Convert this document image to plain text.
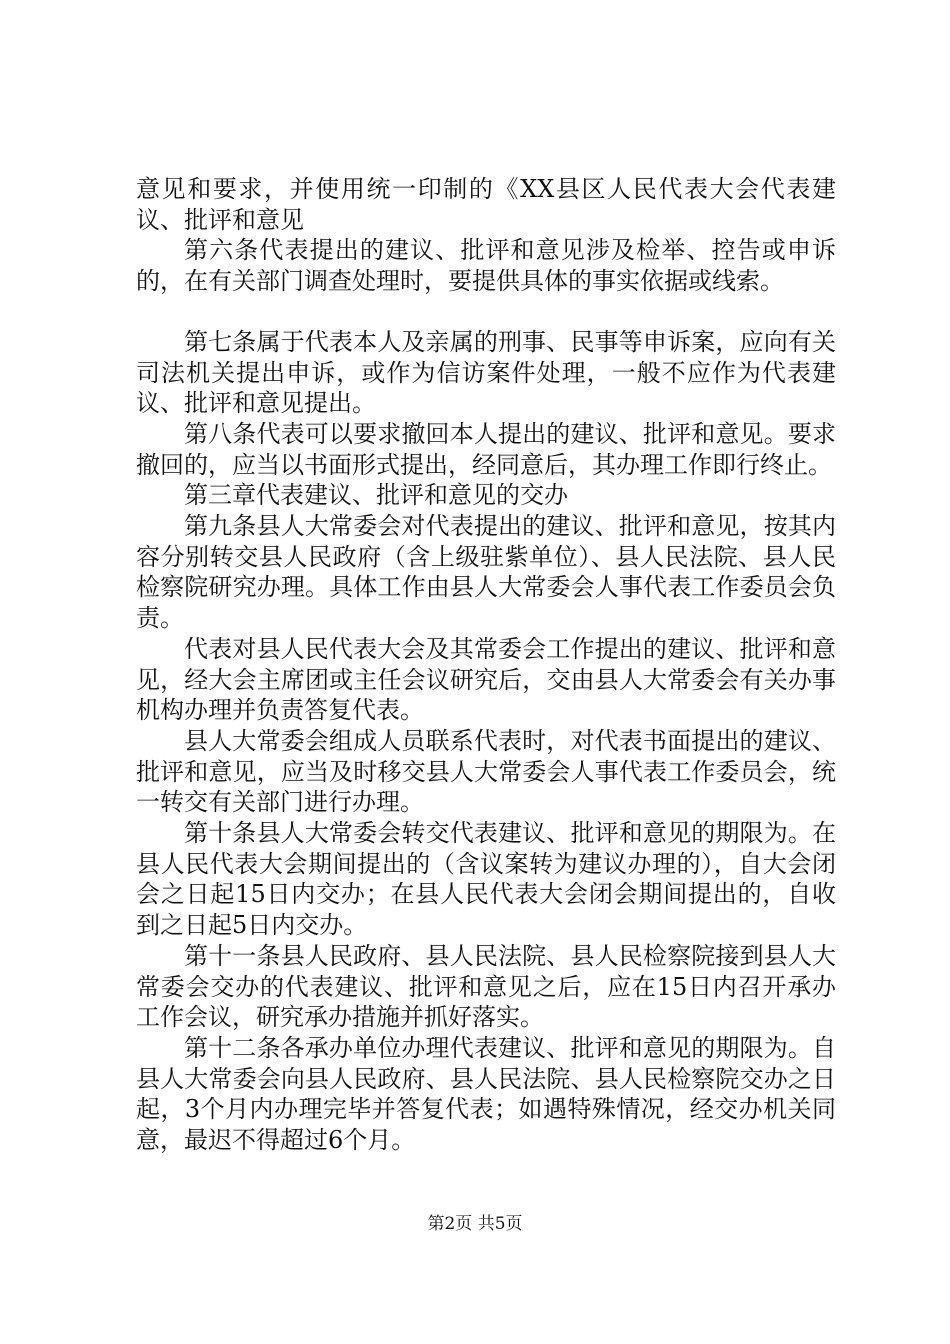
意见和要求，并使用统一印制的《XX县区人民代表大会代表建议、批评和意见

第六条代表提出的建议、批评和意见涉及检举、控告或申诉的，在有关部门调查处理时，要提供具体的事实依据或线索。

第七条属于代表本人及亲属的刑事、民事等申诉案，应向有关司法机关提出申诉，或作为信访案件处理，一般不应作为代表建议、批评和意见提出。

第八条代表可以要求撤回本人提出的建议、批评和意见。要求撤回的，应当以书面形式提出，经同意后，其办理工作即行终止。

第三章代表建议、批评和意见的交办

第九条县人大常委会对代表提出的建议、批评和意见，按其内容分别转交县人民政府（含上级驻紫单位）、县人民法院、县人民检察院研究办理。具体工作由县人大常委会人事代表工作委员会负责。

代表对县人民代表大会及其常委会工作提出的建议、批评和意见，经大会主席团或主任会议研究后，交由县人大常委会有关办事机构办理并负责答复代表。

县人大常委会组成人员联系代表时，对代表书面提出的建议、批评和意见，应当及时移交县人大常委会人事代表工作委员会，统一转交有关部门进行办理。

第十条县人大常委会转交代表建议、批评和意见的期限为。在县人民代表大会期间提出的（含议案转为建议办理的），自大会闭会之日起15日内交办；在县人民代表大会闭会期间提出的，自收到之日起5日内交办。

第十一条县人民政府、县人民法院、县人民检察院接到县人大常委会交办的代表建议、批评和意见之后，应在15日内召开承办工作会议，研究承办措施并抓好落实。

第十二条各承办单位办理代表建议、批评和意见的期限为。自县人大常委会向县人民政府、县人民法院、县人民检察院交办之日起，3个月内办理完毕并答复代表；如遇特殊情况，经交办机关同意，最迟不得超过6个月。

第2页 共5页
